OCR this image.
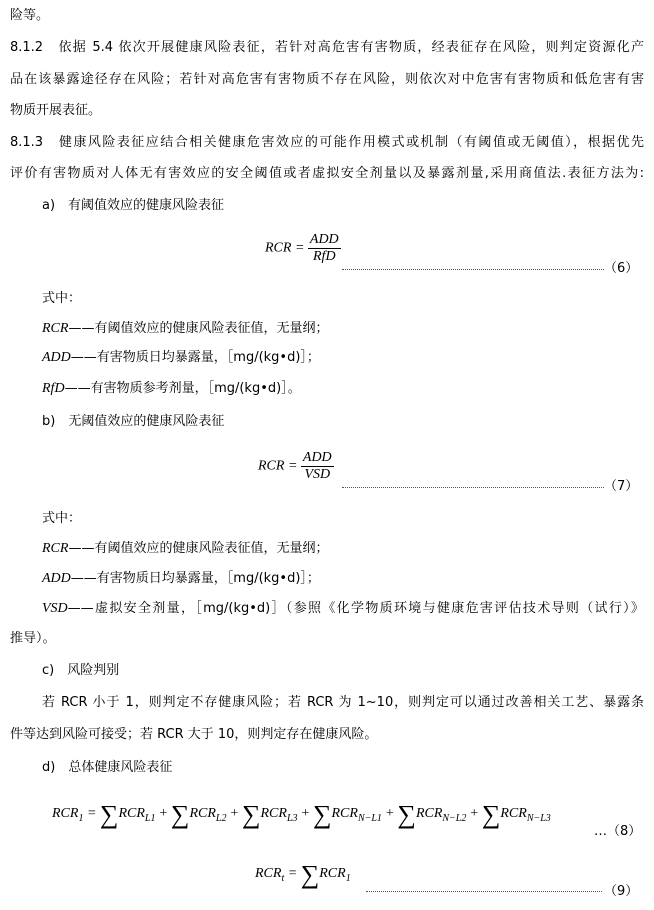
险等。
8.1.2　依据 5.4 依次开展健康风险表征，若针对高危害有害物质，经表征存在风险，则判定资源化产
品在该暴露途径存在风险；若针对高危害有害物质不存在风险，则依次对中危害有害物质和低危害有害
物质开展表征。
8.1.3　健康风险表征应结合相关健康危害效应的可能作用模式或机制（有阈值或无阈值），根据优先
评价有害物质对人体无有害效应的安全阈值或者虚拟安全剂量以及暴露剂量,采用商值法.表征方法为:
a)　有阈值效应的健康风险表征
RCR = $\frac{\text{ADD}}{\text{RfD}}$
（6）
式中：
RCR——有阈值效应的健康风险表征值，无量纲；
ADD——有害物质日均暴露量，［mg/(kg•d)］；
RfD——有害物质参考剂量，［mg/(kg•d)］。
b)　无阈值效应的健康风险表征
RCR = $\frac{\text{ADD}}{\text{VSD}}$
（7）
式中：
RCR——有阈值效应的健康风险表征值，无量纲；
ADD——有害物质日均暴露量，［mg/(kg•d)］；
VSD——虚拟安全剂量，［mg/(kg•d)］（参照《化学物质环境与健康危害评估技术导则（试行）》
推导）。
c)　风险判别
若 RCR 小于 1，则判定不存健康风险；若 RCR 为 1~10，则判定可以通过改善相关工艺、暴露条
件等达到风险可接受；若 RCR 大于 10，则判定存在健康风险。
d)　总体健康风险表征
$RCR_1 = \sum RCR_{L1} + \sum RCR_{L2} + \sum RCR_{L3} + \sum RCR_{N-L1} + \sum RCR_{N-L2} + \sum RCR_{N-L3}$
…（8）
$RCR_t = \sum RCR_1$
（9）
